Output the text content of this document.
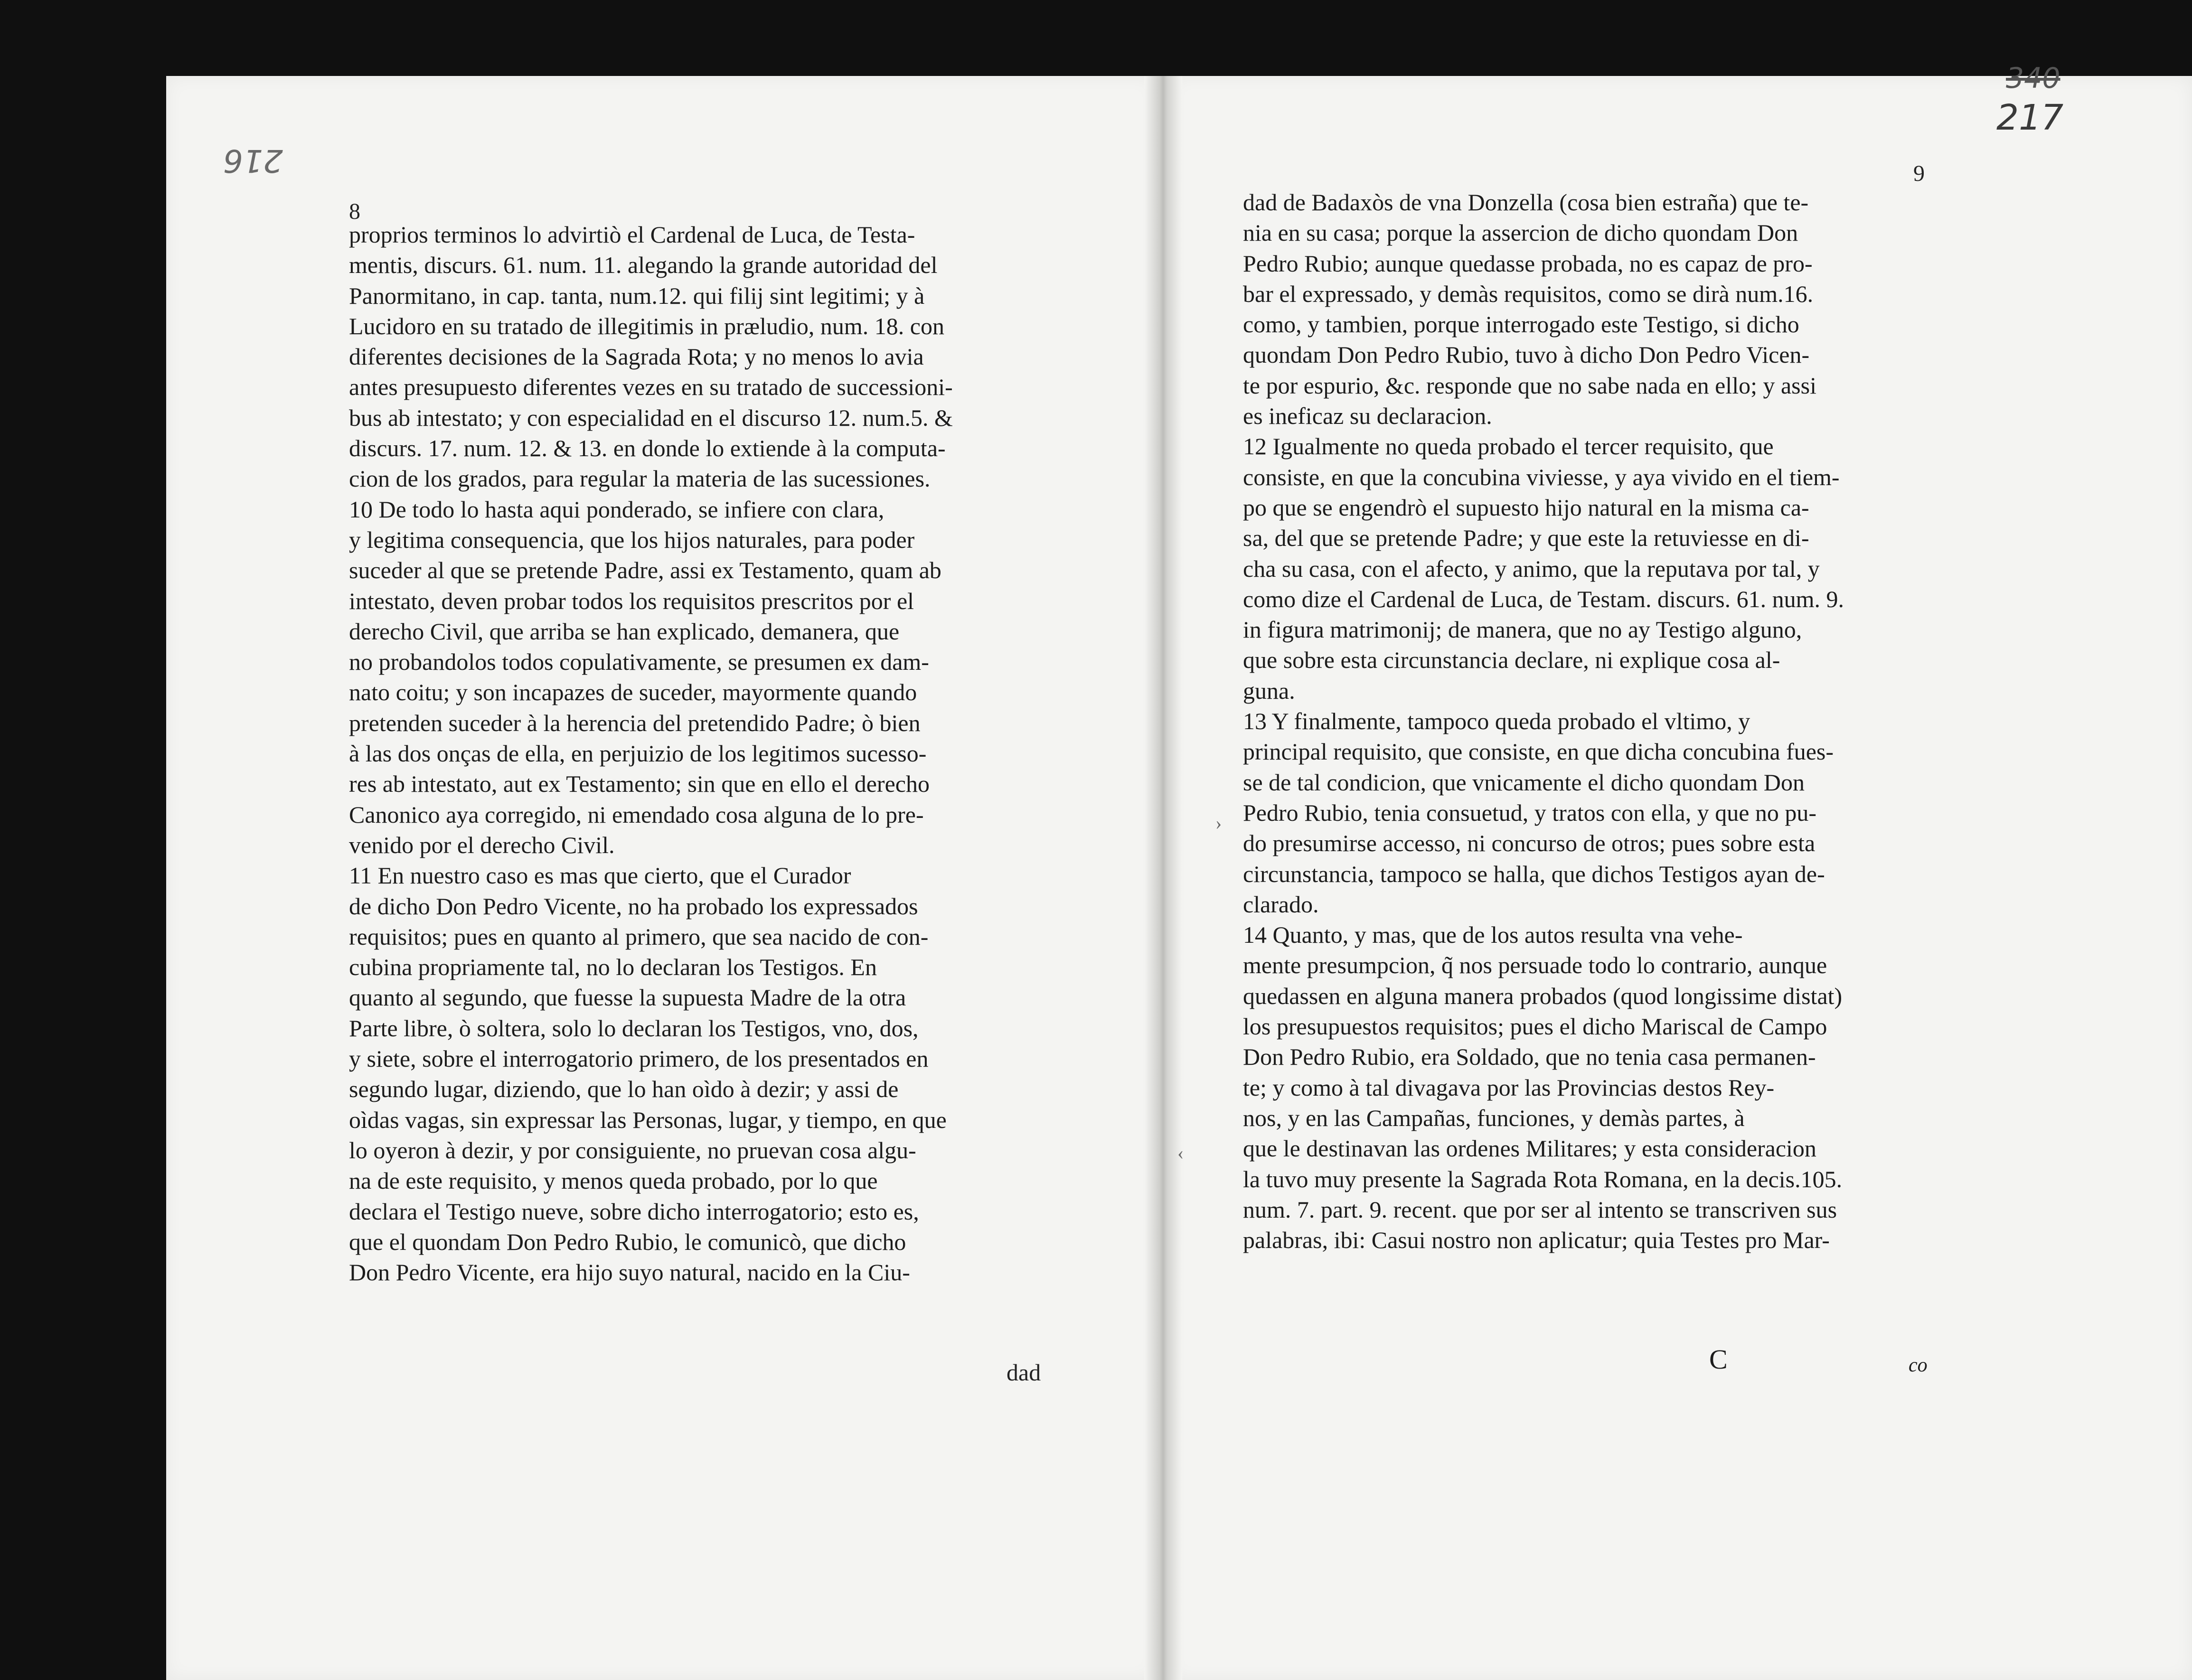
216
8
proprios terminos lo advirtiò el Cardenal de Luca, de Testa-
mentis, discurs. 61. num. 11. alegando la grande autoridad del
Panormitano, in cap. tanta, num.12. qui filij sint legitimi; y à
Lucidoro en su tratado de illegitimis in præludio, num. 18. con
diferentes decisiones de la Sagrada Rota; y no menos lo avia
antes presupuesto diferentes vezes en su tratado de successioni-
bus ab intestato; y con especialidad en el discurso 12. num.5. &
discurs. 17. num. 12. & 13. en donde lo extiende à la computa-
cion de los grados, para regular la materia de las sucessiones.
10 De todo lo hasta aqui ponderado, se infiere con clara,
y legitima consequencia, que los hijos naturales, para poder
suceder al que se pretende Padre, assi ex Testamento, quam ab
intestato, deven probar todos los requisitos prescritos por el
derecho Civil, que arriba se han explicado, demanera, que
no probandolos todos copulativamente, se presumen ex dam-
nato coitu; y son incapazes de suceder, mayormente quando
pretenden suceder à la herencia del pretendido Padre; ò bien
à las dos onças de ella, en perjuizio de los legitimos sucesso-
res ab intestato, aut ex Testamento; sin que en ello el derecho
Canonico aya corregido, ni emendado cosa alguna de lo pre-
venido por el derecho Civil.
11 En nuestro caso es mas que cierto, que el Curador
de dicho Don Pedro Vicente, no ha probado los expressados
requisitos; pues en quanto al primero, que sea nacido de con-
cubina propriamente tal, no lo declaran los Testigos. En
quanto al segundo, que fuesse la supuesta Madre de la otra
Parte libre, ò soltera, solo lo declaran los Testigos, vno, dos,
y siete, sobre el interrogatorio primero, de los presentados en
segundo lugar, diziendo, que lo han oìdo à dezir; y assi de
oìdas vagas, sin expressar las Personas, lugar, y tiempo, en que
lo oyeron à dezir, y por consiguiente, no pruevan cosa algu-
na de este requisito, y menos queda probado, por lo que
declara el Testigo nueve, sobre dicho interrogatorio; esto es,
que el quondam Don Pedro Rubio, le comunicò, que dicho
Don Pedro Vicente, era hijo suyo natural, nacido en la Ciu-
dad
340
217
9
dad de Badaxòs de vna Donzella (cosa bien estraña) que te-
nia en su casa; porque la assercion de dicho quondam Don
Pedro Rubio; aunque quedasse probada, no es capaz de pro-
bar el expressado, y demàs requisitos, como se dirà num.16.
como, y tambien, porque interrogado este Testigo, si dicho
quondam Don Pedro Rubio, tuvo à dicho Don Pedro Vicen-
te por espurio, &c. responde que no sabe nada en ello; y assi
es ineficaz su declaracion.
12 Igualmente no queda probado el tercer requisito, que
consiste, en que la concubina viviesse, y aya vivido en el tiem-
po que se engendrò el supuesto hijo natural en la misma ca-
sa, del que se pretende Padre; y que este la retuviesse en di-
cha su casa, con el afecto, y animo, que la reputava por tal, y
como dize el Cardenal de Luca, de Testam. discurs. 61. num. 9.
in figura matrimonij; de manera, que no ay Testigo alguno,
que sobre esta circunstancia declare, ni explique cosa al-
guna.
13 Y finalmente, tampoco queda probado el vltimo, y
principal requisito, que consiste, en que dicha concubina fues-
se de tal condicion, que vnicamente el dicho quondam Don
Pedro Rubio, tenia consuetud, y tratos con ella, y que no pu-
do presumirse accesso, ni concurso de otros; pues sobre esta
circunstancia, tampoco se halla, que dichos Testigos ayan de-
clarado.
14 Quanto, y mas, que de los autos resulta vna vehe-
mente presumpcion, q̃ nos persuade todo lo contrario, aunque
quedassen en alguna manera probados (quod longissime distat)
los presupuestos requisitos; pues el dicho Mariscal de Campo
Don Pedro Rubio, era Soldado, que no tenia casa permanen-
te; y como à tal divagava por las Provincias destos Rey-
nos, y en las Campañas, funciones, y demàs partes, à
que le destinavan las ordenes Militares; y esta consideracion
la tuvo muy presente la Sagrada Rota Romana, en la decis.105.
num. 7. part. 9. recent. que por ser al intento se transcriven sus
palabras, ibi: Casui nostro non aplicatur; quia Testes pro Mar-
C	co
›
‹
